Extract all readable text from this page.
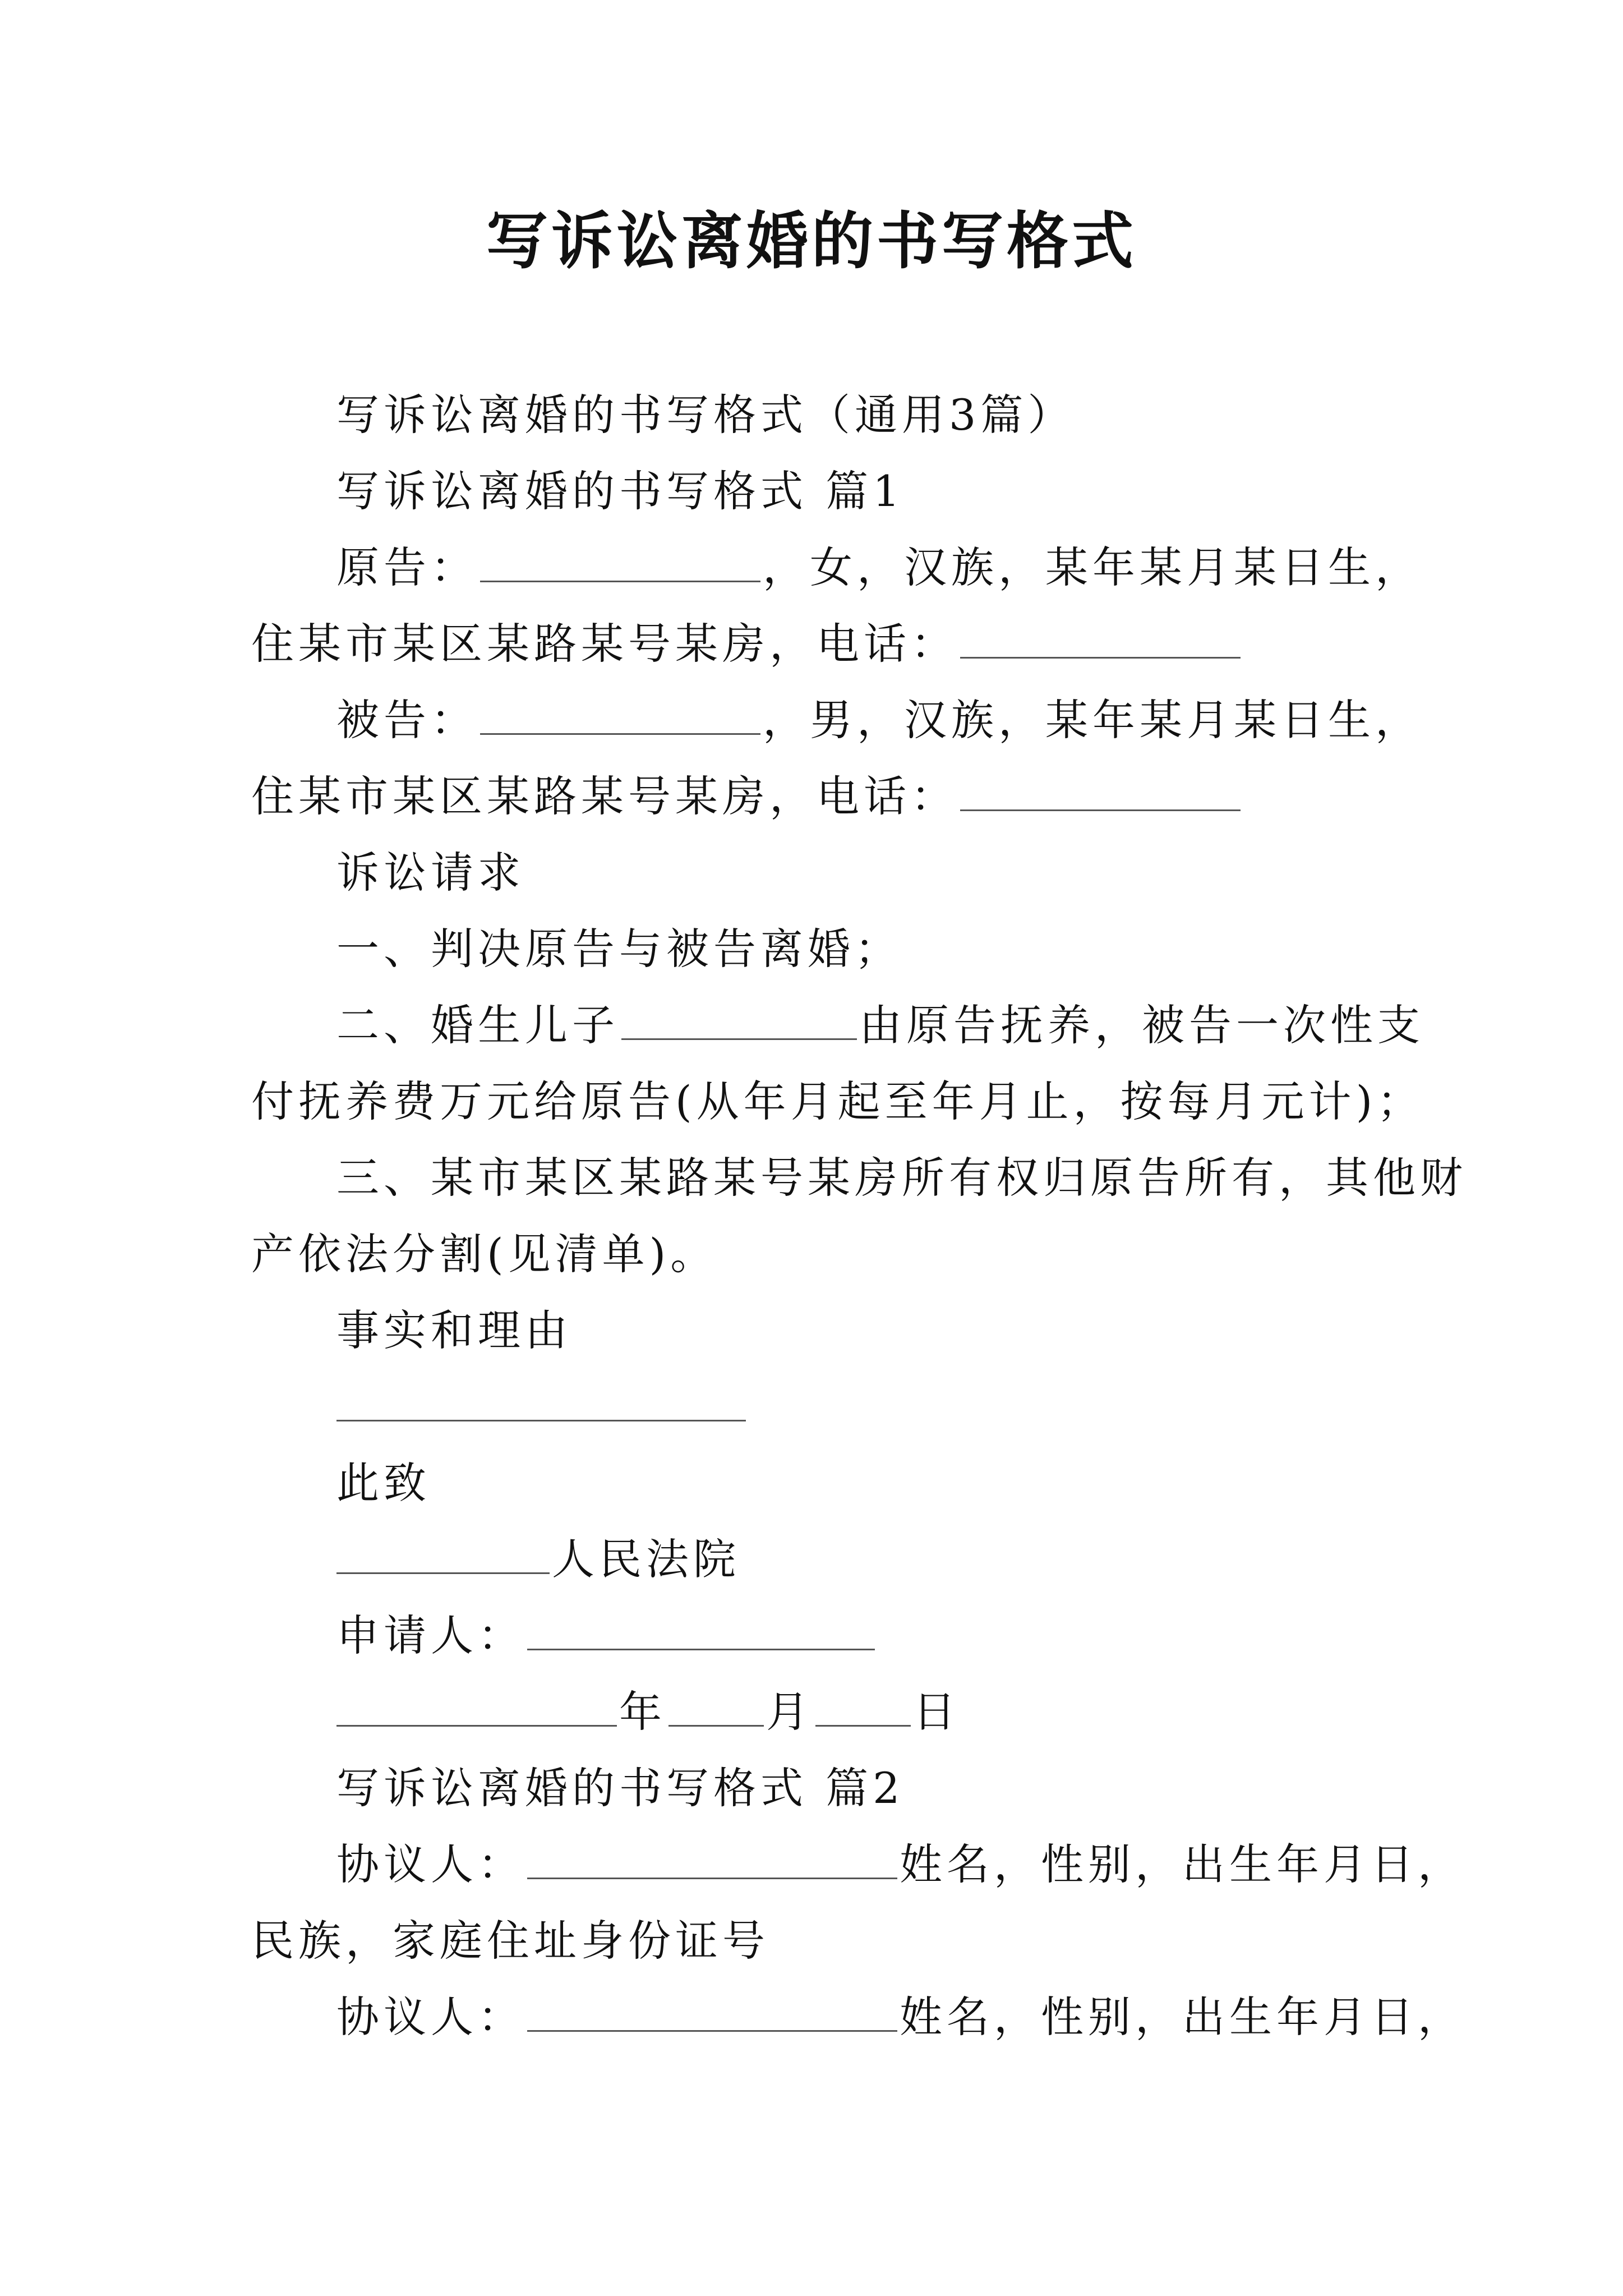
写诉讼离婚的书写格式
写诉讼离婚的书写格式（通用3篇）
写诉讼离婚的书写格式 篇1
原告：	，女，汉族，某年某月某日生，
住某市某区某路某号某房，电话：
被告：	，男，汉族，某年某月某日生，
住某市某区某路某号某房，电话：
诉讼请求
一、判决原告与被告离婚；
二、婚生儿子	由原告抚养，被告一次性支
付抚养费万元给原告(从年月起至年月止，按每月元计)；
三、某市某区某路某号某房所有权归原告所有，其他财
产依法分割(见清单)。
事实和理由
此致
人民法院
申请人：
年 月 日
写诉讼离婚的书写格式 篇2
协议人：	姓名，性别，出生年月日，
民族，家庭住址身份证号
协议人：	姓名，性别，出生年月日，
